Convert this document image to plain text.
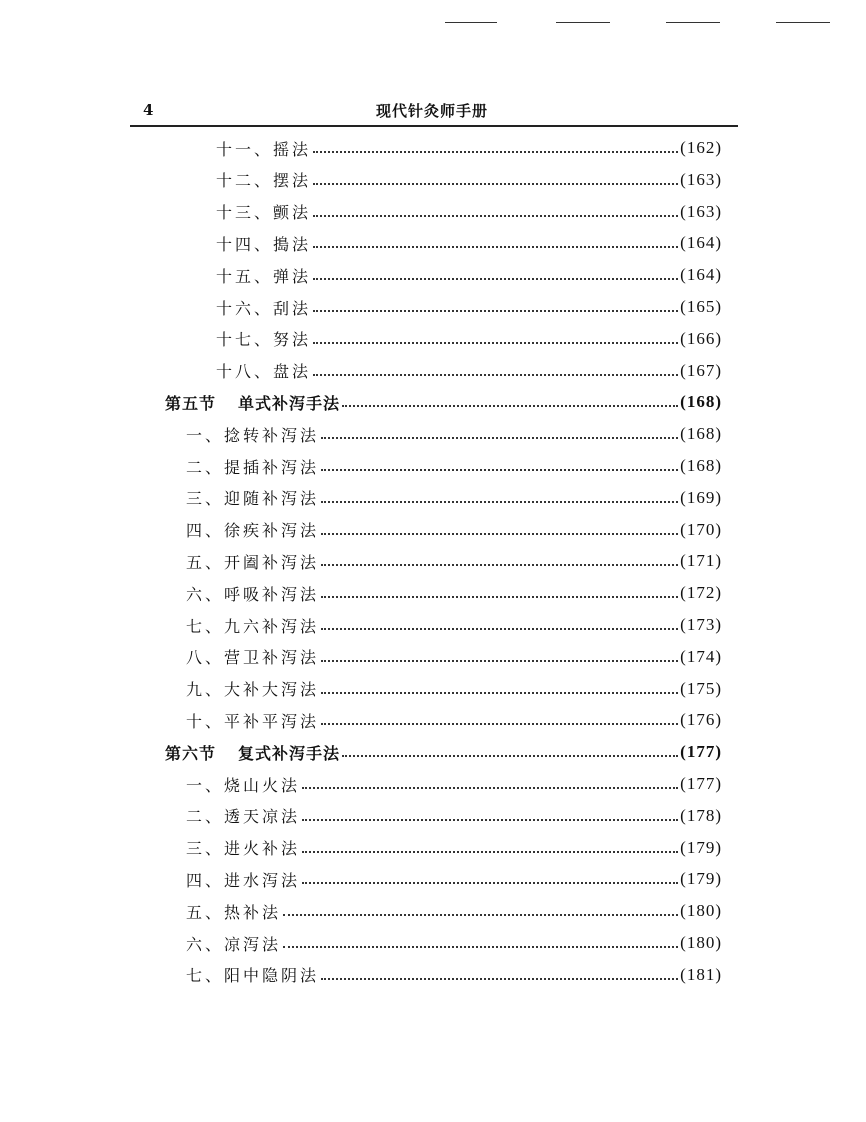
4	现代针灸师手册
十一、摇法	(162)
十二、摆法	(163)
十三、颤法	(163)
十四、搗法	(164)
十五、弹法	(164)
十六、刮法	(165)
十七、努法	(166)
十八、盘法	(167)
第五节 单式补泻手法	(168)
一、捻转补泻法	(168)
二、提插补泻法	(168)
三、迎随补泻法	(169)
四、徐疾补泻法	(170)
五、开阖补泻法	(171)
六、呼吸补泻法	(172)
七、九六补泻法	(173)
八、营卫补泻法	(174)
九、大补大泻法	(175)
十、平补平泻法	(176)
第六节 复式补泻手法	(177)
一、烧山火法	(177)
二、透天凉法	(178)
三、进火补法	(179)
四、进水泻法	(179)
五、热补法	(180)
六、凉泻法	(180)
七、阳中隐阴法	(181)
